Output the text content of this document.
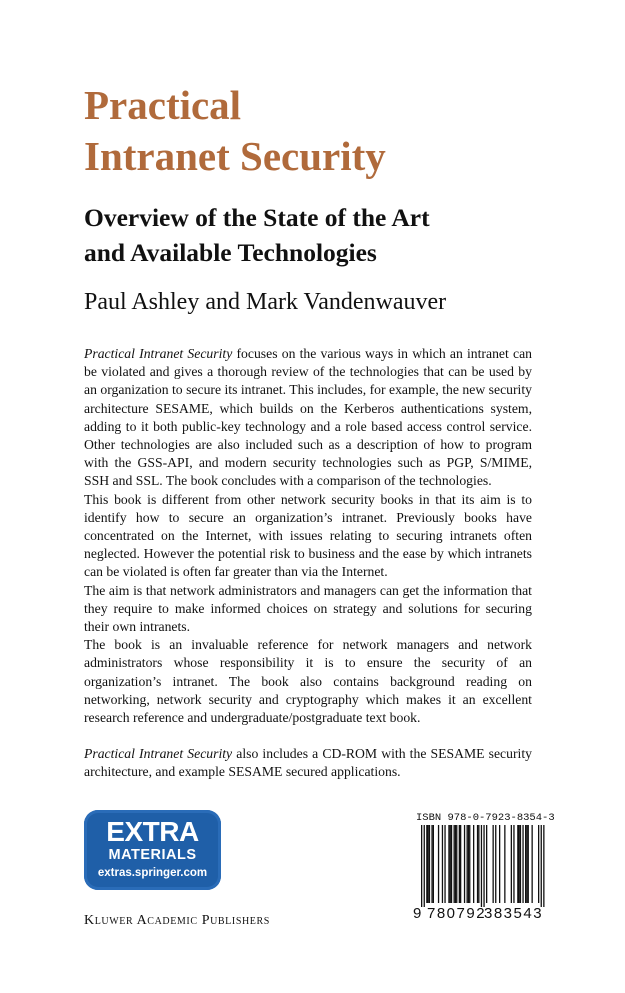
Practical
Intranet Security
Overview of the State of the Art
and Available Technologies
Paul Ashley and Mark Vandenwauver

Practical Intranet Security focuses on the various ways in which an intranet can be violated and gives a thorough review of the technologies that can be used by an organization to secure its intranet. This includes, for example, the new security architecture SESAME, which builds on the Kerberos authentications system, adding to it both public-key technology and a role based access control service. Other technologies are also included such as a description of how to program with the GSS-API, and modern security technologies such as PGP, S/MIME, SSH and SSL. The book concludes with a comparison of the technologies.

This book is different from other network security books in that its aim is to identify how to secure an organization’s intranet. Previously books have concentrated on the Internet, with issues relating to securing intranets often neglected. However the potential risk to business and the ease by which intranets can be violated is often far greater than via the Internet.

The aim is that network administrators and managers can get the information that they require to make informed choices on strategy and solutions for securing their own intranets.

The book is an invaluable reference for network managers and network administrators whose responsibility it is to ensure the security of an organization’s intranet. The book also contains background reading on networking, network security and cryptography which makes it an excellent research reference and undergraduate/postgraduate text book.

Practical Intranet Security also includes a CD-ROM with the SESAME security architecture, and example SESAME secured applications.

EXTRA
MATERIALS
extras.springer.com
Kluwer Academic Publishers
ISBN 978-0-7923-8354-3
9 780792
383543
